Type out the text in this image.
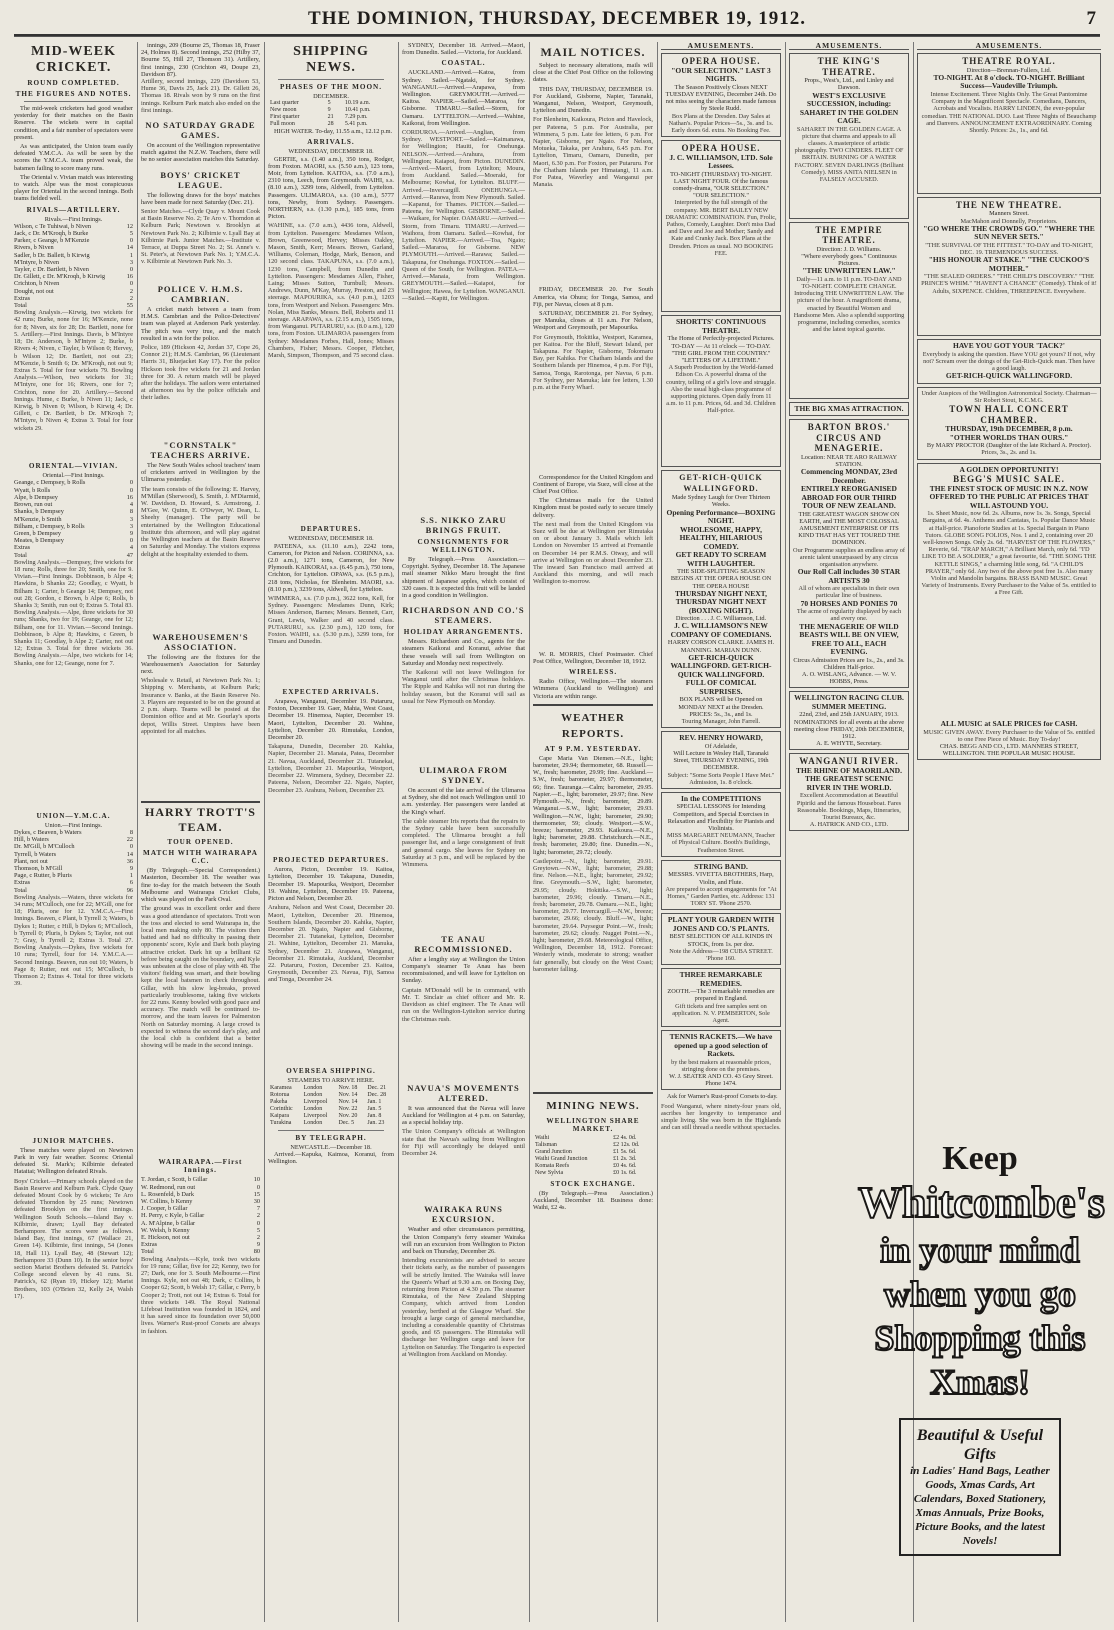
THE DOMINION, THURSDAY, DECEMBER 19, 1912.	7
MID-WEEK CRICKET.
ROUND COMPLETED.
THE FIGURES AND NOTES.

The mid-week cricketers had good weather yesterday for their matches on the Basin Reserve. The wickets were in capital condition, and a fair number of spectators were present.

As was anticipated, the Union team easily defeated Y.M.C.A. As will be seen by the scores the Y.M.C.A. team proved weak, the batsmen failing to score many runs.

The Oriental v. Vivian match was interesting to watch. Alpe was the most conspicuous player for Oriental in the second innings. Both teams fielded well.

RIVALS—ARTILLERY.
Rivals.—First Innings.
Wilson, c Te Tuhiwai, b Niven	12
Jack, c Dr. M'Kroqh, b Burke	5
Parker, c Geange, b M'Kenzie	0
Rivers, b Niven	14
Sadler, b Dr. Ballett, b Kirwig	1
M'Intyre, b Niven	3
Tayler, c Dr. Bartlett, b Niven	0
Dr. Gillett, c Dr. M'Kroqh, b Kirwig	16
Crichton, b Niven	0
Dought, not out	2
Extras	2
Total	55
Bowling Analysis.—Kirwig, two wickets for 42 runs; Burke, none for 16; M'Kenzie, none for 8; Niven, six for 28; Dr. Bartlett, none for 5. Artillery.—First Innings. Davis, b M'Intyre 18; Dr. Anderson, b M'Intyre 2; Burke, b Rivers 4; Niven, c Tayler, b Wilson 0; Hervey, b Wilson 12; Dr. Bartlett, not out 23; M'Kenzie, b Smith 6; Dr. M'Kroqh, not out 9; Extras 5. Total for four wickets 79. Bowling Analysis.—Wilson, two wickets for 31; M'Intyre, one for 16; Rivers, one for 7; Crichton, none for 20. Artillery.—Second Innings. Hume, c Burke, b Niven 11; Jack, c Kirwig, b Niven 0; Wilson, b Kirwig 4; Dr. Gillett, c Dr. Bartlett, b Dr. M'Kroqh 7; M'Intyre, b Niven 4; Extras 3. Total for four wickets 29.
ORIENTAL—VIVIAN.
Oriental.—First Innings.
Geange, c Dempsey, b Rolls	0
Wyatt, b Rolls	0
Alpe, b Dempsey	16
Brown, run out	4
Shanks, b Dempsey	8
M'Kenzie, b Smith	3
Bilham, c Dempsey, b Rolls	3
Green, b Dempsey	9
Meates, b Dempsey	0
Extras	4
Total	47
Bowling Analysis.—Dempsey, five wickets for 18 runs; Rolls, three for 20; Smith, one for 9. Vivian.—First Innings. Dobbinson, b Alpe 4; Hawkins, b Shanks 22; Goodlay, c Wyatt, b Bilham 1; Carter, b Geange 14; Dempsey, not out 28; Gordon, c Brown, b Alpe 6; Rolls, b Shanks 3; Smith, run out 0; Extras 5. Total 83. Bowling Analysis.—Alpe, three wickets for 30 runs; Shanks, two for 19; Geange, one for 12; Bilham, one for 11. Vivian.—Second Innings. Dobbinson, b Alpe 8; Hawkins, c Green, b Shanks 11; Goodlay, b Alpe 2; Carter, not out 12; Extras 3. Total for three wickets 36. Bowling Analysis.—Alpe, two wickets for 14; Shanks, one for 12; Geange, none for 7.
UNION—Y.M.C.A.
Union.—First Innings.
Dykes, c Beaven, b Waters	8
Hill, b Waters	22
Dr. M'Gill, b M'Culloch	0
Tyrrell, b Waters	14
Plant, not out	36
Thomson, b M'Gill	9
Page, c Rutter, b Pluris	1
Extras	6
Total	96
Bowling Analysis.—Waters, three wickets for 34 runs; M'Culloch, one for 22; M'Gill, one for 18; Pluris, one for 12. Y.M.C.A.—First Innings. Beaven, c Plant, b Tyrrell 3; Waters, b Dykes 1; Rutter, c Hill, b Dykes 6; M'Culloch, b Tyrrell 0; Pluris, b Dykes 5; Taylor, not out 7; Gray, b Tyrrell 2; Extras 3. Total 27. Bowling Analysis.—Dykes, five wickets for 10 runs; Tyrrell, four for 14. Y.M.C.A.—Second Innings. Beaven, run out 10; Waters, b Page 8; Rutter, not out 15; M'Culloch, b Thomson 2; Extras 4. Total for three wickets 39.
JUNIOR MATCHES.

These matches were played on Newtown Park in very fair weather. Scores: Oriental defeated St. Mark's; Kilbirnie defeated Hataitai; Wellington defeated Rivals.

Boys' Cricket.—Primary schools played on the Basin Reserve and Kelburn Park. Clyde Quay defeated Mount Cook by 6 wickets; Te Aro defeated Thorndon by 25 runs; Newtown defeated Brooklyn on the first innings. Wellington South Schools.—Island Bay v. Kilbirnie, drawn; Lyall Bay defeated Berhampore. The scores were as follows. Island Bay, first innings, 67 (Wallace 21, Green 14). Kilbirnie, first innings, 54 (Jones 18, Hall 11). Lyall Bay, 48 (Stewart 12); Berhampore 33 (Dunn 10). In the senior boys' section Marist Brothers defeated St. Patrick's College second eleven by 41 runs. St. Patrick's, 62 (Ryan 19, Hickey 12); Marist Brothers, 103 (O'Brien 32, Kelly 24, Walsh 17).

innings, 209 (Bourne 25, Thomas 18, Fraser 24, Holmes 8). Second innings, 252 (Hilby 37, Bourne 55, Hill 27, Thomson 31). Artillery, first innings, 230 (Crichton 49, Doupe 23, Davidson 87).

Artillery, second innings, 229 (Davidson 53, Hume 36, Davis 25, Jack 21). Dr. Gillett 26, Thomas 18. Rivals won by 9 runs on the first innings. Kelburn Park match also ended on the first innings.
NO SATURDAY GRADE GAMES.

On account of the Wellington representative match against the N.Z.W. Teachers, there will be no senior association matches this Saturday.

BOYS' CRICKET LEAGUE.

The following draws for the boys' matches have been made for next Saturday (Dec. 21).

Senior Matches.—Clyde Quay v. Mount Cook at Basin Reserve No. 2; Te Aro v. Thorndon at Kelburn Park; Newtown v. Brooklyn at Newtown Park No. 2; Kilbirnie v. Lyall Bay at Kilbirnie Park. Junior Matches.—Institute v. Terrace, at Duppa Street No. 2; St. Anne's v. St. Peter's, at Newtown Park No. 1; Y.M.C.A. v. Kilbirnie at Newtown Park No. 3.
POLICE V. H.M.S. CAMBRIAN.

A cricket match between a team from H.M.S. Cambrian and the Police-Detectives' team was played at Anderson Park yesterday. The pitch was very true, and the match resulted in a win for the police.

Police, 189 (Hickson 42, Jordan 37, Cope 26, Connor 21); H.M.S. Cambrian, 96 (Lieutenant Harris 31, Bluejacket Kay 17). For the police Hickson took five wickets for 21 and Jordan three for 30. A return match will be played after the holidays. The sailors were entertained at afternoon tea by the police officials and their ladies.
"CORNSTALK" TEACHERS ARRIVE.

The New South Wales school teachers' team of cricketers arrived in Wellington by the Ulimaroa yesterday.

The team consists of the following: E. Harvey, M'Millan (Sherwood), S. Smith, J. M'Diarmid, W. Davidson, D. Howard, S. Armstrong, J. M'Gee, W. Quinn, E. O'Dwyer, W. Dean, L. Sheehy (manager). The party will be entertained by the Wellington Educational Institute this afternoon, and will play against the Wellington teachers at the Basin Reserve on Saturday and Monday. The visitors express delight at the hospitality extended to them.
WAREHOUSEMEN'S ASSOCIATION.

The following are the fixtures for the Warehousemen's Association for Saturday next.

Wholesale v. Retail, at Newtown Park No. 1; Shipping v. Merchants, at Kelburn Park; Insurance v. Banks, at the Basin Reserve No. 3. Players are requested to be on the ground at 2 p.m. sharp. Teams will be posted at the Dominion office and at Mr. Gourlay's sports depot, Willis Street. Umpires have been appointed for all matches.
HARRY TROTT'S TEAM.
TOUR OPENED.
MATCH WITH WAIRARAPA C.C.

(By Telegraph.—Special Correspondent.) Masterton, December 18. The weather was fine to-day for the match between the South Melbourne and Wairarapa Cricket Clubs, which was played on the Park Oval.

The ground was in excellent order and there was a good attendance of spectators. Trott won the toss and elected to send Wairarapa in, the local men making only 80. The visitors then batted and had no difficulty in passing their opponents' score, Kyle and Dark both playing attractive cricket. Dark hit up a brilliant 62 before being caught on the boundary, and Kyle was unbeaten at the close of play with 48. The visitors' fielding was smart, and their bowling kept the local batsmen in check throughout. Gillar, with his slow leg-breaks, proved particularly troublesome, taking five wickets for 22 runs. Kenny bowled with good pace and accuracy. The match will be continued to-morrow, and the team leaves for Palmerston North on Saturday morning. A large crowd is expected to witness the second day's play, and the local club is confident that a better showing will be made in the second innings.
WAIRARAPA.—First Innings.
T. Jordan, c Scott, b Gillar	10
W. Redmond, run out	0
L. Rosenfeld, b Dark	15
W. Collins, b Kenny	30
J. Cooper, b Gillar	7
H. Perry, c Kyle, b Gillar	2
A. M'Alpine, b Gillar	0
W. Welsh, b Kenny	5
E. Hickson, not out	2
Extras	9
Total	80
Bowling Analysis.—Kyle, took two wickets for 19 runs; Gillar, five for 22; Kenny, two for 27; Dark, one for 3. South Melbourne.—First Innings. Kyle, not out 48; Dark, c Collins, b Cooper 62; Scott, b Welsh 17; Gillar, c Perry, b Cooper 2; Trott, not out 14; Extras 6. Total for three wickets 149. The Royal National Lifeboat Institution was founded in 1824, and it has saved since its foundation over 50,000 lives. Warner's Rust-proof Corsets are always in fashion.
SHIPPING NEWS.
PHASES OF THE MOON.
DECEMBER.
Last quarter	5	10.19 a.m.
New moon	9	10.41 p.m.
First quarter	21	7.29 p.m.
Full moon	28	5.41 p.m.

HIGH WATER. To-day, 11.55 a.m., 12.12 p.m.

ARRIVALS.
WEDNESDAY, DECEMBER 18.

GERTIE, s.s. (1.40 a.m.), 350 tons, Rodger, from Foxton. MAORI, s.s. (5.50 a.m.), 123 tons, Moir, from Lyttelton. KAITOA, s.s. (7.0 a.m.), 2310 tons, Leech, from Greymouth. WAIHI, s.s. (8.10 a.m.), 3299 tons, Aldwell, from Lyttelton. Passengers. ULIMAROA, s.s. (10 a.m.), 5777 tons, Newby, from Sydney. Passengers. NORTHERN, s.s. (1.30 p.m.), 185 tons, from Picton.

WAHINE, s.s. (7.0 a.m.), 4436 tons, Aldwell, from Lyttelton. Passengers: Mesdames Wilson, Brown, Greenwood, Hervey; Misses Oakley, Mason, Smith, Kerr; Messrs. Brown, Garland, Williams, Coleman, Hodge, Mark, Benson, and 120 second class. TAKAPUNA, s.s. (7.0 a.m.), 1230 tons, Campbell, from Dunedin and Lyttelton. Passengers: Mesdames Allen, Fisher, Laing; Misses Sutton, Turnbull; Messrs. Andrews, Dunn, M'Kay, Murray, Preston, and 23 steerage. MAPOURIKA, s.s. (4.0 p.m.), 1203 tons, from Westport and Nelson. Passengers: Mrs. Nolan, Miss Banks, Messrs. Bell, Roberts and 11 steerage. ARAPAWA, s.s. (2.15 a.m.), 1505 tons, from Wanganui. PUTARURU, s.s. (8.0 a.m.), 120 tons, from Foxton. ULIMAROA passengers from Sydney: Mesdames Forbes, Hall, Jones; Misses Chambers, Fisher; Messrs. Cooper, Fletcher, Marsh, Simpson, Thompson, and 75 second class.
DEPARTURES.
WEDNESDAY, DECEMBER 18.

PATEENA, s.s. (11.10 a.m.), 2242 tons, Cameron, for Picton and Nelson. CORINNA, s.s. (2.0 a.m.), 1271 tons, Cameron, for New Plymouth. KAIKORAI, s.s. (6.45 p.m.), 750 tons, Crichton, for Lyttelton. OPAWA, s.s. (6.5 p.m.), 218 tons, Nicholas, for Blenheim. MAORI, s.s. (8.10 p.m.), 3239 tons, Aldwell, for Lyttelton.

WIMMERA, s.s. (7.0 p.m.), 3622 tons, Kell, for Sydney. Passengers: Mesdames Dunn, Kirk; Misses Anderson, Barnes; Messrs. Bennett, Carr, Grant, Lewis, Walker and 40 second class. PUTARURU, s.s. (2.30 p.m.), 120 tons, for Foxton. WAIHI, s.s. (5.30 p.m.), 3299 tons, for Timaru and Dunedin.
EXPECTED ARRIVALS.

Arapawa, Wanganui, December 19. Putaruru, Foxton, December 19. Gaer, Mahia, West Coast, December 19. Hinemoa, Napier, December 19. Maori, Lyttelton, December 20. Wahine, Lyttelton, December 20. Rimutaka, London, December 20.

Takapuna, Dunedin, December 20. Kahika, Napier, December 21. Manaia, Patea, December 21. Navua, Auckland, December 21. Tutanekai, Lyttelton, December 21. Mapourika, Westport, December 22. Wimmera, Sydney, December 22. Pateena, Nelson, December 22. Ngaio, Napier, December 23. Arahura, Nelson, December 23.
PROJECTED DEPARTURES.

Aurora, Picton, December 19. Kaitoa, Lyttelton, December 19. Takapuna, Dunedin, December 19. Mapourika, Westport, December 19. Wahine, Lyttelton, December 19. Pateena, Picton and Nelson, December 20.

Arahura, Nelson and West Coast, December 20. Maori, Lyttelton, December 20. Hinemoa, Southern Islands, December 20. Kahika, Napier, December 20. Ngaio, Napier and Gisborne, December 21. Tutanekai, Lyttelton, December 21. Wahine, Lyttelton, December 21. Manuka, Sydney, December 21. Arapawa, Wanganui, December 21. Rimutaka, Auckland, December 22. Putaruru, Foxton, December 23. Kaitoa, Greymouth, December 23. Navua, Fiji, Samoa and Tonga, December 24.
OVERSEA SHIPPING.
STEAMERS TO ARRIVE HERE.
Karamea	London	Nov. 18	Dec. 21
Rotorua	London	Nov. 14	Dec. 28
Pakeha	Liverpool	Nov. 14	Jan. 1
Corinthic	London	Nov. 22	Jan. 5
Kaipara	Liverpool	Nov. 20	Jan. 8
Turakina	London	Dec. 5	Jan. 23
BY TELEGRAPH.
NEWCASTLE.—December 18.

Arrived.—Kapuka, Kaimoa, Koranui, from Wellington.

SYDNEY, December 18. Arrived.—Maori, from Dunedin. Sailed.—Victoria, for Auckland.

COASTAL.

AUCKLAND.—Arrived.—Katoa, from Sydney. Sailed.—Ngataki, for Sydney. WANGANUI.—Arrived.—Arapawa, from Wellington. GREYMOUTH.—Arrived.—Kaitoa. NAPIER.—Sailed.—Mararoa, for Gisborne. TIMARU.—Sailed.—Storm, for Oamaru. LYTTELTON.—Arrived.—Wahine, Kaikorai, from Wellington.

CORDUROA.—Arrived.—Anglian, from Sydney. WESTPORT.—Sailed.—Kaimanawa, for Wellington; Hauiti, for Onehunga. NELSON.—Arrived.—Arahura, from Wellington; Kaiapoi, from Picton. DUNEDIN.—Arrived.—Maori, from Lyttelton; Moura, from Auckland. Sailed.—Moeraki, for Melbourne; Kowhai, for Lyttelton. BLUFF.—Arrived.—Invercargill. ONEHUNGA.—Arrived.—Rarawa, from New Plymouth. Sailed.—Kapanui, for Thames. PICTON.—Sailed.—Pateena, for Wellington. GISBORNE.—Sailed.—Waikare, for Napier. OAMARU.—Arrived.—Storm, from Timaru. TIMARU.—Arrived.—Waihora, from Oamaru. Sailed.—Kowhai, for Lyttelton. NAPIER.—Arrived.—Toa, Ngaio; Sailed.—Mararoa, for Gisborne. NEW PLYMOUTH.—Arrived.—Rarawa; Sailed.—Takapuna, for Onehunga. FOXTON.—Sailed.—Queen of the South, for Wellington. PATEA.—Arrived.—Manaia, from Wellington. GREYMOUTH.—Sailed.—Kaiapoi, for Wellington; Hawea, for Lyttelton. WANGANUI.—Sailed.—Kapiti, for Wellington.
S.S. NIKKO ZARU BRINGS FRUIT.
CONSIGNMENTS FOR WELLINGTON.

By Telegraph.—Press Association.—Copyright. Sydney, December 18. The Japanese mail steamer Nikko Maru brought the first shipment of Japanese apples, which consist of 320 cases. It is expected this fruit will be landed in a good condition in Wellington.

RICHARDSON AND CO.'S STEAMERS.
HOLIDAY ARRANGEMENTS.

Messrs. Richardson and Co., agents for the steamers Kaikorai and Koranui, advise that these vessels will sail from Wellington on Saturday and Monday next respectively.

The Kaikorai will not leave Wellington for Wanganui until after the Christmas holidays. The Ripple and Kahika will not run during the holiday season, but the Koranui will sail as usual for New Plymouth on Monday.
ULIMAROA FROM SYDNEY.

On account of the late arrival of the Ulimaroa at Sydney, she did not reach Wellington until 10 a.m. yesterday. Her passengers were landed at the King's wharf.

The cable steamer Iris reports that the repairs to the Sydney cable have been successfully completed. The Ulimaroa brought a full passenger list, and a large consignment of fruit and general cargo. She leaves for Sydney on Saturday at 3 p.m., and will be replaced by the Wimmera.
TE ANAU RECOMMISSIONED.

After a lengthy stay at Wellington the Union Company's steamer Te Anau has been recommissioned, and will leave for Lyttelton on Sunday.

Captain M'Donald will be in command, with Mr. T. Sinclair as chief officer and Mr. R. Davidson as chief engineer. The Te Anau will run on the Wellington-Lyttelton service during the Christmas rush.
NAVUA'S MOVEMENTS ALTERED.

It was announced that the Navua will leave Auckland for Wellington at 4 p.m. on Saturday, as a special holiday trip.

The Union Company's officials at Wellington state that the Navua's sailing from Wellington for Fiji will accordingly be delayed until December 24.
WAIRAKA RUNS EXCURSION.

Weather and other circumstances permitting, the Union Company's ferry steamer Wairaka will run an excursion from Wellington to Picton and back on Thursday, December 26.

Intending excursionists are advised to secure their tickets early, as the number of passengers will be strictly limited. The Wairaka will leave the Queen's Wharf at 9.30 a.m. on Boxing Day, returning from Picton at 4.30 p.m. The steamer Rimutaka, of the New Zealand Shipping Company, which arrived from London yesterday, berthed at the Glasgow Wharf. She brought a large cargo of general merchandise, including a considerable quantity of Christmas goods, and 65 passengers. The Rimutaka will discharge her Wellington cargo and leave for Lyttelton on Saturday. The Tongariro is expected at Wellington from Auckland on Monday.
MAIL NOTICES.

Subject to necessary alterations, mails will close at the Chief Post Office on the following dates.

THIS DAY, THURSDAY, DECEMBER 19. For Auckland, Gisborne, Napier, Taranaki, Wanganui, Nelson, Westport, Greymouth, Lyttelton and Dunedin.

For Blenheim, Kaikoura, Picton and Havelock, per Pateena, 5 p.m. For Australia, per Wimmera, 5 p.m. Late fee letters, 6 p.m. For Napier, Gisborne, per Ngaio. For Nelson, Motueka, Takaka, per Arahura, 6.45 p.m. For Lyttelton, Timaru, Oamaru, Dunedin, per Maori, 6.30 p.m. For Foxton, per Putaruru. For the Chatham Islands per Himatangi, 11 a.m. For Patea, Waverley and Wanganui per Manaia.

FRIDAY, DECEMBER 20. For South America, via Ohura; for Tonga, Samoa, and Fiji, per Navua, closes at 8 p.m.

SATURDAY, DECEMBER 21. For Sydney, per Manuka, closes at 11 a.m. For Nelson, Westport and Greymouth, per Mapourika.

For Greymouth, Hokitika, Westport, Karamea, per Kaitoa. For the Bluff, Stewart Island, per Takapuna. For Napier, Gisborne, Tokomaru Bay, per Kahika. For Chatham Islands and the Southern Islands per Hinemoa, 4 p.m. For Fiji, Samoa, Tonga, Rarotonga, per Navua, 6 p.m. For Sydney, per Manuka; late fee letters, 1.30 p.m. at the Ferry Wharf.

Correspondence for the United Kingdom and Continent of Europe, via Suez, will close at the Chief Post Office.

The Christmas mails for the United Kingdom must be posted early to secure timely delivery.

The next mail from the United Kingdom via Suez will be due at Wellington per Rimutaka on or about January 3. Mails which left London on November 15 arrived at Fremantle on December 14 per R.M.S. Otway, and will arrive at Wellington on or about December 23. The inward San Francisco mail arrived at Auckland this morning, and will reach Wellington to-morrow.

W. R. MORRIS, Chief Postmaster. Chief Post Office, Wellington, December 18, 1912.

WIRELESS.

Radio Office, Wellington.—The steamers Wimmera (Auckland to Wellington) and Victoria are within range.

WEATHER REPORTS.
AT 9 P.M. YESTERDAY.

Cape Maria Van Diemen.—N.E., light; barometer, 29.94; thermometer, 68. Russell.—W., fresh; barometer, 29.99; fine. Auckland.—S.W., fresh; barometer, 29.97; thermometer, 66; fine. Tauranga.—Calm; barometer, 29.95. Napier.—E., light; barometer, 29.97; fine. New Plymouth.—N., fresh; barometer, 29.89. Wanganui.—S.W., light; barometer, 29.93. Wellington.—N.W., light; barometer, 29.90; thermometer, 59; cloudy. Westport.—S.W., breeze; barometer, 29.93. Kaikoura.—N.E., light; barometer, 29.88. Christchurch.—N.E., fresh; barometer, 29.80; fine. Dunedin.—N., light; barometer, 29.72; cloudy.

Castlepoint.—N., light; barometer, 29.91. Greytown.—N.W., light; barometer, 29.88; fine. Nelson.—N.E., light; barometer, 29.92; fine. Greymouth.—S.W., light; barometer, 29.95; cloudy. Hokitika.—S.W., light; barometer, 29.96; cloudy. Timaru.—N.E., fresh; barometer, 29.78. Oamaru.—N.E., light; barometer, 29.77. Invercargill.—N.W., breeze; barometer, 29.66; cloudy. Bluff.—W., light; barometer, 29.64. Puysegur Point.—W., fresh; barometer, 29.62; cloudy. Nugget Point.—N., light; barometer, 29.68. Meteorological Office, Wellington, December 18, 1912. Forecast: Westerly winds, moderate to strong; weather fair generally, but cloudy on the West Coast; barometer falling.
MINING NEWS.
WELLINGTON SHARE MARKET.
Waihi	£2 4s. 0d.
Talisman	£2 12s. 0d.
Grand Junction	£1 5s. 6d.
Waihi Grand Junction	£1 2s. 3d.
Komata Reefs	£0 4s. 6d.
New Sylvia	£0 1s. 6d.
STOCK EXCHANGE.

(By Telegraph.—Press Association.) Auckland, December 18. Business done: Waihi, £2 4s.

AMUSEMENTS.
OPERA HOUSE.
"OUR SELECTION." LAST 3 NIGHTS.
The Season Positively Closes NEXT TUESDAY EVENING, December 24th. Do not miss seeing the characters made famous by Steele Rudd.
Box Plans at the Dresden. Day Sales at Nathan's. Popular Prices—5s., 3s. and 1s. Early doors 6d. extra. No Booking Fee.
OPERA HOUSE.
J. C. WILLIAMSON, LTD. Sole Lessees.
TO-NIGHT (THURSDAY) TO-NIGHT. LAST NIGHT FOUR. Of the famous comedy-drama, "OUR SELECTION." "OUR SELECTION."
Interpreted by the full strength of the company. MR. BERT BAILEY NEW DRAMATIC COMBINATION. Fun, Frolic, Pathos, Comedy, Laughter. Don't miss Dad and Dave and Joe and Mother; Sandy and Kate and Cranky Jack. Box Plans at the Dresden. Prices as usual. NO BOOKING FEE.
SHORTTS' CONTINUOUS THEATRE.
The Home of Perfectly-projected Pictures.
TO-DAY — At 11 o'clock — TO-DAY. "THE GIRL FROM THE COUNTRY." "LETTERS OF A LIFETIME."
A Superb Production by the World-famed Edison Co. A powerful drama of the country, telling of a girl's love and struggle. Also the usual high-class programme of supporting pictures. Open daily from 11 a.m. to 11 p.m. Prices, 6d. and 3d. Children Half-price.
GET-RICH-QUICK WALLINGFORD.
Made Sydney Laugh for Over Thirteen Weeks.
Opening Performance—BOXING NIGHT.
WHOLESOME, HAPPY, HEALTHY, HILARIOUS COMEDY.
GET READY TO SCREAM WITH LAUGHTER.
THE SIDE-SPLITTING SEASON BEGINS AT THE OPERA HOUSE ON THE OPERA HOUSE
THURSDAY NIGHT NEXT, THURSDAY NIGHT NEXT (BOXING NIGHT).
Direction . . . J. C. Williamson, Ltd.
J. C. WILLIAMSON'S NEW COMPANY OF COMEDIANS.
HARRY CORSON CLARKE. JAMES H. MANNING. MARIAN DUNN.
GET-RICH-QUICK WALLINGFORD. GET-RICH-QUICK WALLINGFORD.
FULL OF COMICAL SURPRISES.
BOX PLANS will be Opened on MONDAY NEXT at the Dresden.
PRICES: 5s., 3s., and 1s.
Touring Manager, John Farrell.
REV. HENRY HOWARD,
Of Adelaide,
Will Lecture in Wesley Hall, Taranaki Street, THURSDAY EVENING, 19th DECEMBER.
Subject: "Some Sorts People I Have Met." Admission, 1s. 8 o'clock.
In the COMPETITIONS
SPECIAL LESSONS for Intending Competitors, and Special Exercises in Relaxation and Flexibility for Pianists and Violinists.
MISS MARGARET NEUMANN, Teacher of Physical Culture. Booth's Buildings, Featherston Street.
STRING BAND.
MESSRS. VIVETTA BROTHERS, Harp, Violin, and Flute.
Are prepared to accept engagements for "At Homes," Garden Parties, etc. Address: 131 TORY ST. 'Phone 2570.
PLANT YOUR GARDEN WITH JONES AND CO.'S PLANTS.
BEST SELECTION OF ALL KINDS IN STOCK, from 1s. per doz.
Note the Address—198 CUBA STREET. 'Phone 160.
THREE REMARKABLE REMEDIES.
ZOOTH.—The 3 remarkable remedies are prepared in England.
Gift tickets and free samples sent on application. N. V. PEMBERTON, Sole Agent.
TENNIS RACKETS.—We have opened up a good selection of Rackets.
by the best makers at reasonable prices, stringing done on the premises.
W. J. SEATER AND CO. 43 Grey Street. Phone 1474.

Ask for Warner's Rust-proof Corsets to-day.

Food Wanganui, where ninety-four years old, ascribes her longevity to temperance and simple living. She was born in the Highlands and can still thread a needle without spectacles.
AMUSEMENTS.
THE KING'S THEATRE.
Props., West's, Ltd., and Linley and Dawson.
WEST'S EXCLUSIVE SUCCESSION, including: SAHARET IN THE GOLDEN CAGE.
SAHARET IN THE GOLDEN CAGE. A picture that charms and appeals to all classes. A masterpiece of artistic photography. TWO CINDERS. FLEET OF BRITAIN. BURNING OF A WATER FACTORY. SEVEN DARLINGS (Brilliant Comedy). MISS ANITA NIELSEN in FALSELY ACCUSED.
THE EMPIRE THEATRE.
Direction: J. D. Williams.
"Where everybody goes." Continuous Pictures.
"THE UNWRITTEN LAW."
Daily—11 a.m. to 11 p.m. TO-DAY AND TO-NIGHT. COMPLETE CHANGE. Introducing THE UNWRITTEN LAW. The picture of the hour. A magnificent drama, enacted by Beautiful Women and Handsome Men. Also a splendid supporting programme, including comedies, scenics and the latest topical gazette.
THE BIG XMAS ATTRACTION.
BARTON BROS.' CIRCUS AND MENAGERIE.
Location: NEAR TE ARO RAILWAY STATION.
Commencing MONDAY, 23rd December.
ENTIRELY REORGANISED ABROAD FOR OUR THIRD TOUR OF NEW ZEALAND.
THE GREATEST WAGON SHOW ON EARTH, and THE MOST COLOSSAL AMUSEMENT ENTERPRISE OF ITS KIND THAT HAS YET TOURED THE DOMINION.
Our Programme supplies an endless array of arenic talent unsurpassed by any circus organisation anywhere.
Our Roll Call includes 30 STAR ARTISTS 30
All of whom are specialists in their own particular line of business.
70 HORSES AND PONIES 70
The acme of regularity displayed by each and every one.
THE MENAGERIE OF WILD BEASTS WILL BE ON VIEW, FREE TO ALL, EACH EVENING.
Circus Admission Prices are 1s., 2s., and 3s. Children Half-price.
A. O. WISLANG, Advance. — W. V. HOBBS, Press.
WELLINGTON RACING CLUB.
SUMMER MEETING.
22nd, 23rd, and 25th JANUARY, 1913.
NOMINATIONS for all events at the above meeting close FRIDAY, 20th DECEMBER, 1912.
A. E. WHYTE, Secretary.
WANGANUI RIVER.
THE RHINE OF MAORILAND.
THE GREATEST SCENIC RIVER IN THE WORLD.
Excellent Accommodation at Beautiful Pipiriki and the famous Houseboat. Fares Reasonable. Bookings, Maps, Itineraries, Tourist Bureaux, &c.
A. HATRICK AND CO., LTD.
AMUSEMENTS.
THEATRE ROYAL.
Direction—Brennan-Fullers, Ltd.
TO-NIGHT. At 8 o'clock. TO-NIGHT. Brilliant Success—Vaudeville Triumph.
Intense Excitement. Three Nights Only. The Great Pantomime Company in the Magnificent Spectacle. Comedians, Dancers, Acrobats and Vocalists. HARRY LINDEN, the ever-popular comedian. THE NATIONAL DUO. Last Three Nights of Beauchamp and Danvers. ANNOUNCEMENT EXTRAORDINARY. Coming Shortly. Prices: 2s., 1s., and 6d.
THE NEW THEATRE.
Manners Street.
MacMahon and Donnelly, Proprietors.
"GO WHERE THE CROWDS GO." "WHERE THE SUN NEVER SETS."
"THE SURVIVAL OF THE FITTEST." TO-DAY and TO-NIGHT, DEC. 19. TREMENDOUS SUCCESS.
"HIS HONOUR AT STAKE." "THE CUCKOO'S MOTHER."
"THE SEALED ORDERS." "THE CHILD'S DISCOVERY." "THE PRINCE'S WHIM." "HAVEN'T A CHANCE" (Comedy). Think of it! Adults, SIXPENCE. Children, THREEPENCE. Everywhere.
HAVE YOU GOT YOUR 'TACK?'
Everybody is asking the question. Have YOU got yours? If not, why not? Scream over the doings of the Get-Rich-Quick man. Then have a good laugh.
GET-RICH-QUICK WALLINGFORD.
Under Auspices of the Wellington Astronomical Society. Chairman—Sir Robert Stout, K.C.M.G.
TOWN HALL CONCERT CHAMBER.
THURSDAY, 19th DECEMBER, 8 p.m.
"OTHER WORLDS THAN OURS."
By MARY PROCTOR (Daughter of the late Richard A. Proctor).
Prices, 3s., 2s. and 1s.
A GOLDEN OPPORTUNITY!
BEGG'S MUSIC SALE.
THE FINEST STOCK OF MUSIC IN N.Z. NOW OFFERED TO THE PUBLIC AT PRICES THAT WILL ASTOUND YOU.
1s. Sheet Music, now 6d. 2s. Albums, now 1s. 3s. Songs, Special Bargains, at 6d. 4s. Anthems and Cantatas, 1s. Popular Dance Music at Half-price. Pianoforte Studies at 1s. Special Bargain in Piano Tutors. GLOBE SONG FOLIOS, Nos. 1 and 2, containing over 20 well-known Songs. Only 2s. 6d. "HARVEST OF THE FLOWERS," Reverie, 6d. "TRAP MARCH," A Brilliant March, only 6d. "I'D LIKE TO BE A SOLDIER," a great favourite, 6d. "THE SONG THE KETTLE SINGS," a charming little song, 6d. "A CHILD'S PRAYER," only 6d. Any two of the above post free 1s. Also many Violin and Mandolin bargains. BRASS BAND MUSIC. Great Variety of Instruments. Every Purchaser to the Value of 5s. entitled to a Free Gift.
ALL MUSIC at SALE PRICES for CASH.
MUSIC GIVEN AWAY. Every Purchaser to the Value of 5s. entitled to one Free Piece of Music. Buy To-day!
CHAS. BEGG AND CO., LTD. MANNERS STREET, WELLINGTON. THE POPULAR MUSIC HOUSE.
Keep
Whitcombe's
in your mind
when you go
Shopping this
Xmas!
Beautiful & Useful Gifts
in Ladies' Hand Bags, Leather Goods, Xmas Cards, Art Calendars, Boxed Stationery, Xmas Annuals, Prize Books, Picture Books, and the latest Novels!
